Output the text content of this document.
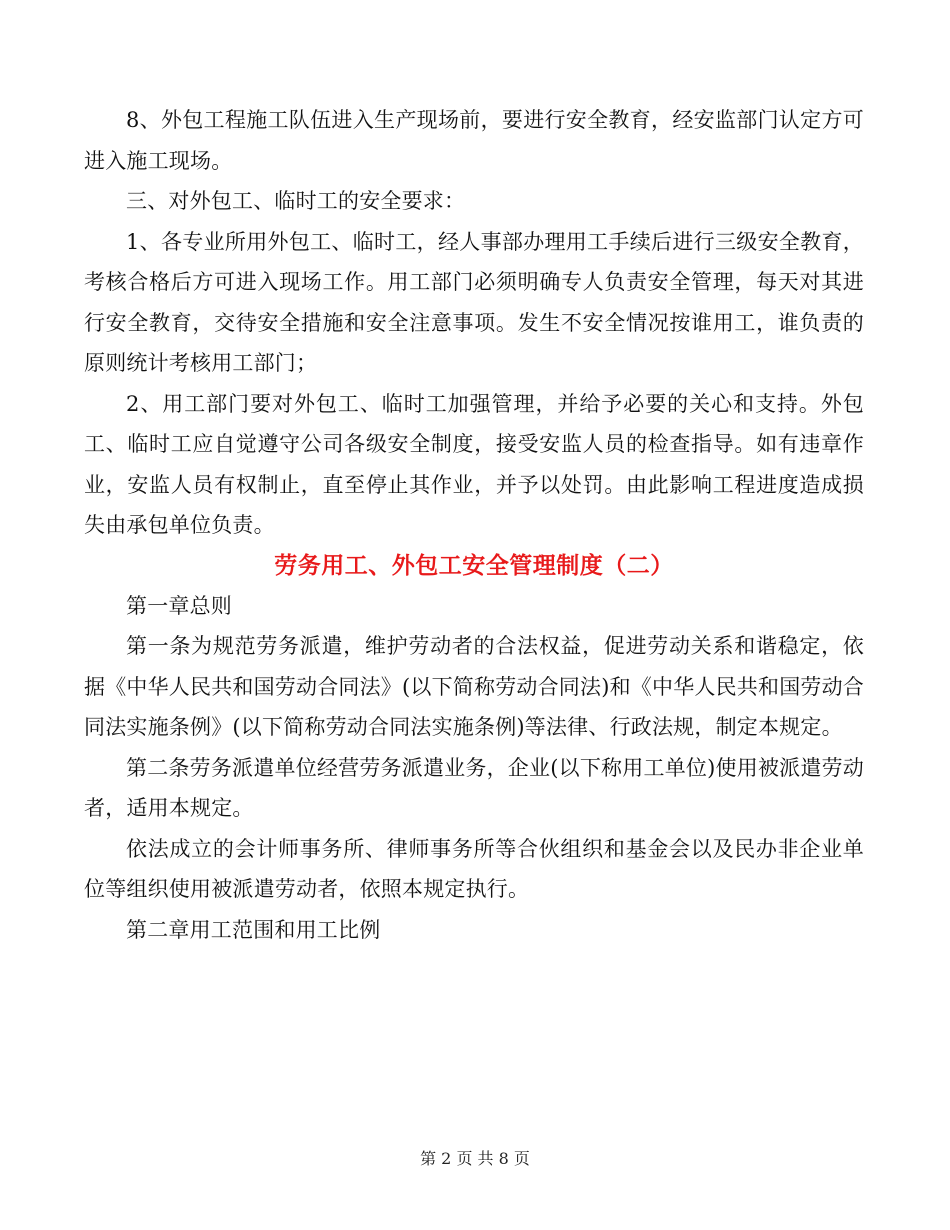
8、外包工程施工队伍进入生产现场前，要进行安全教育，经安监部门认定方可进入施工现场。

三、对外包工、临时工的安全要求：

1、各专业所用外包工、临时工，经人事部办理用工手续后进行三级安全教育，考核合格后方可进入现场工作。用工部门必须明确专人负责安全管理，每天对其进行安全教育，交待安全措施和安全注意事项。发生不安全情况按谁用工，谁负责的原则统计考核用工部门；

2、用工部门要对外包工、临时工加强管理，并给予必要的关心和支持。外包工、临时工应自觉遵守公司各级安全制度，接受安监人员的检查指导。如有违章作业，安监人员有权制止，直至停止其作业，并予以处罚。由此影响工程进度造成损失由承包单位负责。

劳务用工、外包工安全管理制度（二）

第一章总则

第一条为规范劳务派遣，维护劳动者的合法权益，促进劳动关系和谐稳定，依据《中华人民共和国劳动合同法》(以下简称劳动合同法)和《中华人民共和国劳动合同法实施条例》(以下简称劳动合同法实施条例)等法律、行政法规，制定本规定。

第二条劳务派遣单位经营劳务派遣业务，企业(以下称用工单位)使用被派遣劳动者，适用本规定。

依法成立的会计师事务所、律师事务所等合伙组织和基金会以及民办非企业单位等组织使用被派遣劳动者，依照本规定执行。

第二章用工范围和用工比例

第 2 页 共 8 页
